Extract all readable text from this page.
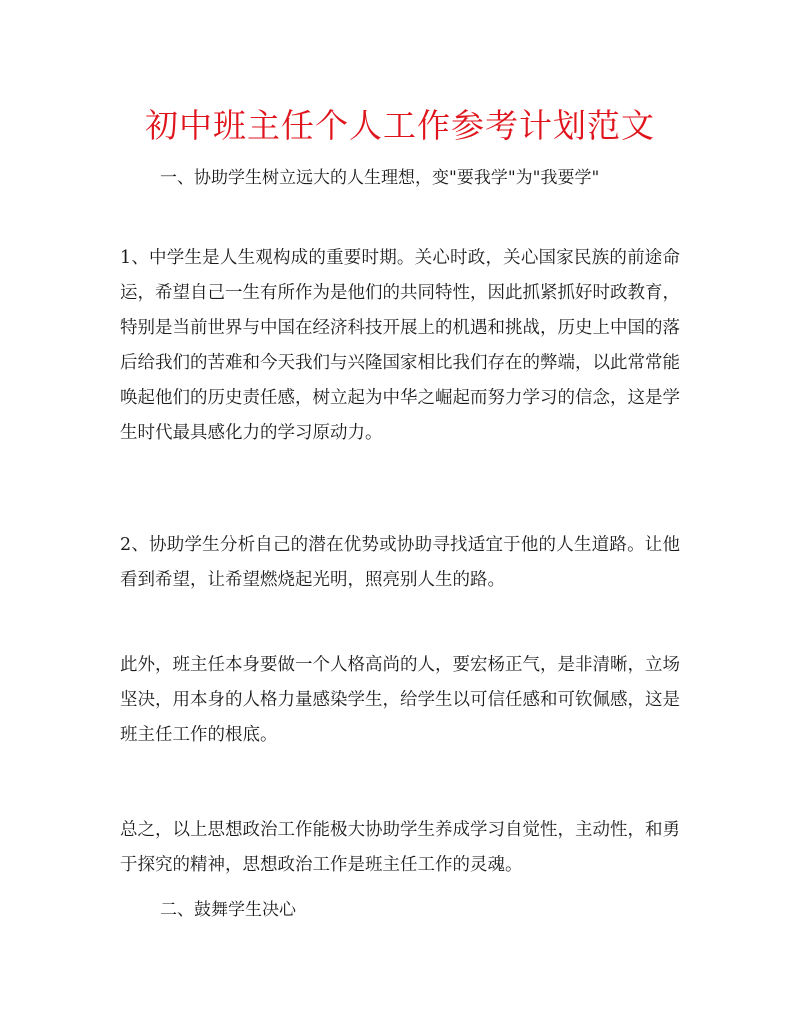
初中班主任个人工作参考计划范文
一、协助学生树立远大的人生理想，变"要我学"为"我要学"
1、中学生是人生观构成的重要时期。关心时政，关心国家民族的前途命运，希望自己一生有所作为是他们的共同特性，因此抓紧抓好时政教育，特别是当前世界与中国在经济科技开展上的机遇和挑战，历史上中国的落后给我们的苦难和今天我们与兴隆国家相比我们存在的弊端，以此常常能唤起他们的历史责任感，树立起为中华之崛起而努力学习的信念，这是学生时代最具感化力的学习原动力。
2、协助学生分析自己的潜在优势或协助寻找适宜于他的人生道路。让他看到希望，让希望燃烧起光明，照亮别人生的路。
此外，班主任本身要做一个人格高尚的人，要宏杨正气，是非清晰，立场坚决，用本身的人格力量感染学生，给学生以可信任感和可钦佩感，这是班主任工作的根底。
总之，以上思想政治工作能极大协助学生养成学习自觉性，主动性，和勇于探究的精神，思想政治工作是班主任工作的灵魂。
二、鼓舞学生决心
